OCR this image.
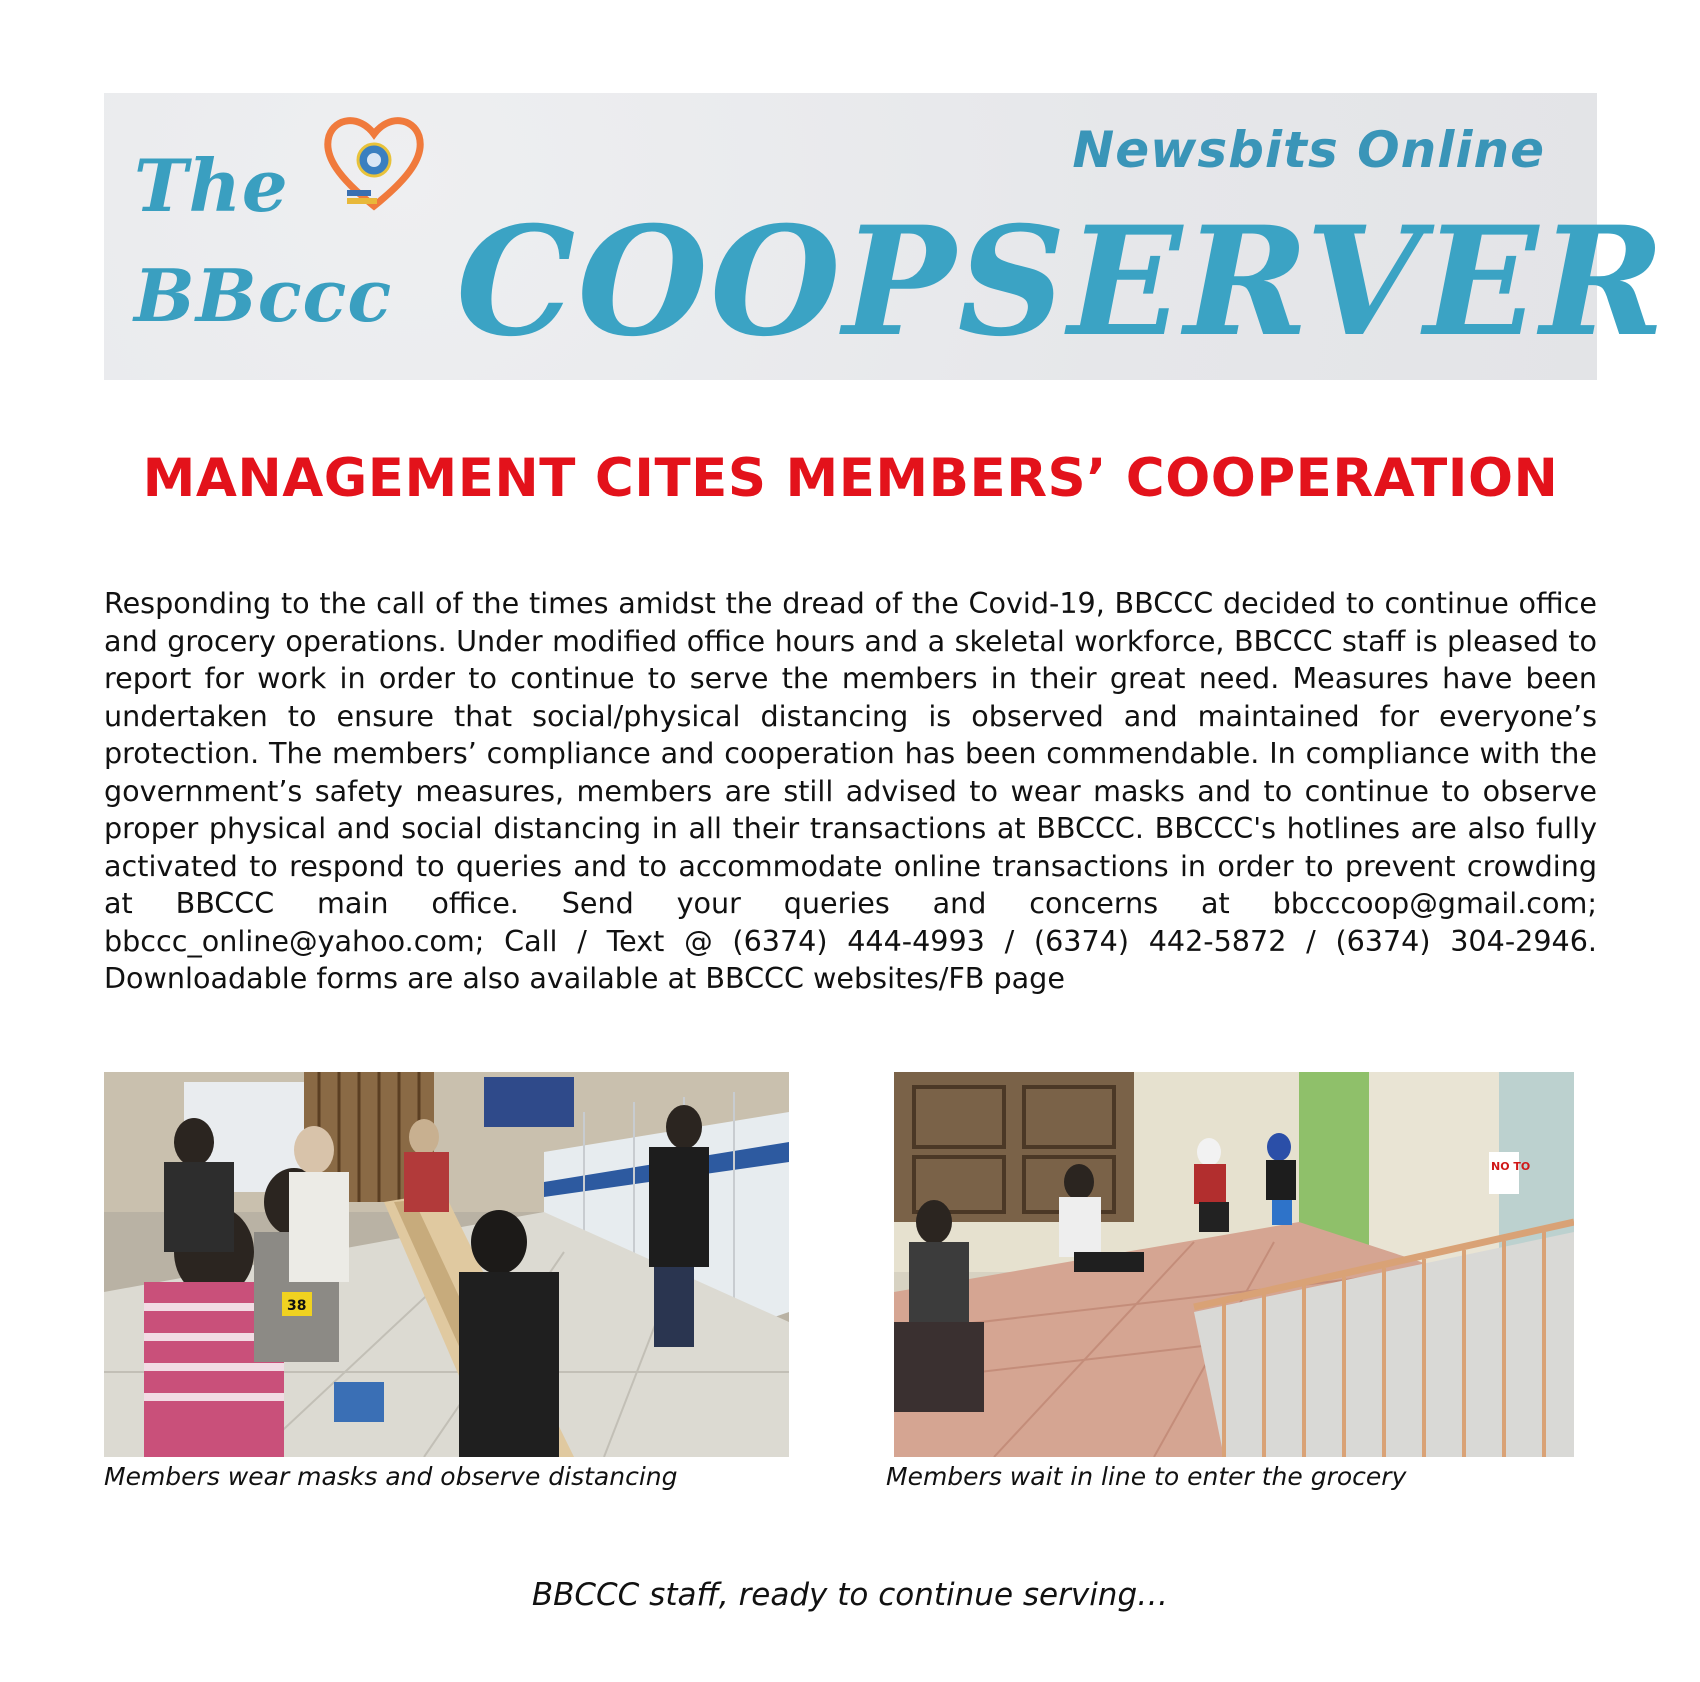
The
BBccc
Newsbits Online
COOPSERVER
MANAGEMENT CITES MEMBERS’ COOPERATION

Responding to the call of the times amidst the dread of the Covid-19, BBCCC decided to continue office and grocery operations. Under modified office hours and a skeletal workforce, BBCCC staff is pleased to report for work in order to continue to serve the members in their great need. Measures have been undertaken to ensure that social/physical distancing is observed and maintained for everyone’s protection. The members’ compliance and cooperation has been commendable. In compliance with the government’s safety measures, members are still advised to wear masks and to continue to observe proper physical and social distancing in all their transactions at BBCCC. BBCCC's hotlines are also fully activated to respond to queries and to accommodate online transactions in order to prevent crowding at BBCCC main office. Send your queries and concerns at bbcccoop@gmail.com; bbccc_online@yahoo.com; Call / Text @ (6374) 444-4993 / (6374) 442-5872 / (6374) 304-2946. Downloadable forms are also available at BBCCC websites/FB page

38
Members wear masks and observe distancing
NO TO
Members wait in line to enter the grocery
BBCCC staff, ready to continue serving…
